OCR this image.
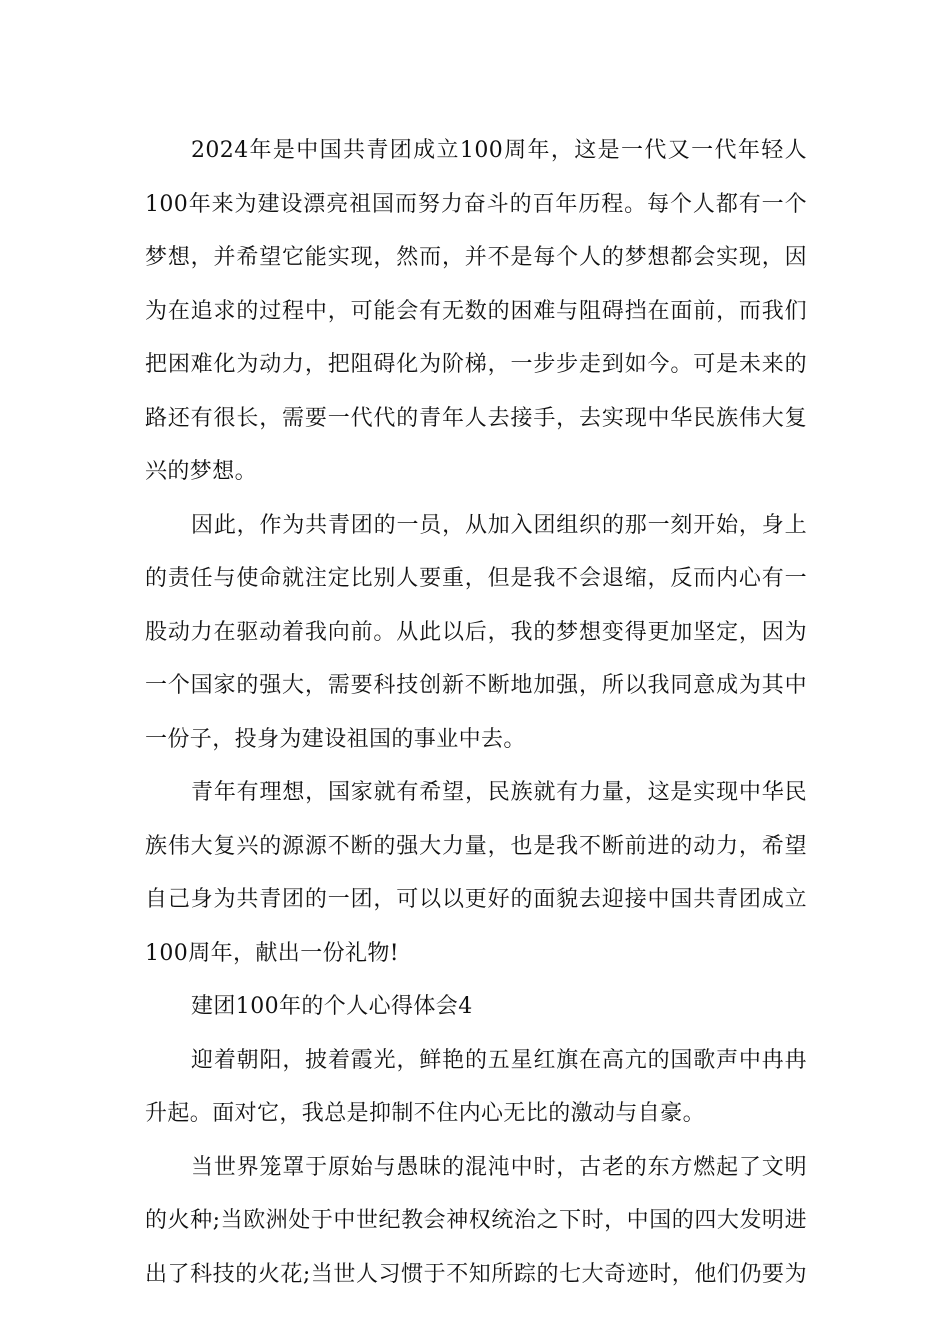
2024年是中国共青团成立100周年，这是一代又一代年轻人
100年来为建设漂亮祖国而努力奋斗的百年历程。每个人都有一个
梦想，并希望它能实现，然而，并不是每个人的梦想都会实现，因
为在追求的过程中，可能会有无数的困难与阻碍挡在面前，而我们
把困难化为动力，把阻碍化为阶梯，一步步走到如今。可是未来的
路还有很长，需要一代代的青年人去接手，去实现中华民族伟大复
兴的梦想。
因此，作为共青团的一员，从加入团组织的那一刻开始，身上
的责任与使命就注定比别人要重，但是我不会退缩，反而内心有一
股动力在驱动着我向前。从此以后，我的梦想变得更加坚定，因为
一个国家的强大，需要科技创新不断地加强，所以我同意成为其中
一份子，投身为建设祖国的事业中去。
青年有理想，国家就有希望，民族就有力量，这是实现中华民
族伟大复兴的源源不断的强大力量，也是我不断前进的动力，希望
自己身为共青团的一团，可以以更好的面貌去迎接中国共青团成立
100周年，献出一份礼物!
建团100年的个人心得体会4
迎着朝阳，披着霞光，鲜艳的五星红旗在高亢的国歌声中冉冉
升起。面对它，我总是抑制不住内心无比的激动与自豪。
当世界笼罩于原始与愚昧的混沌中时，古老的东方燃起了文明
的火种;当欧洲处于中世纪教会神权统治之下时，中国的四大发明进
出了科技的火花;当世人习惯于不知所踪的七大奇迹时，他们仍要为
